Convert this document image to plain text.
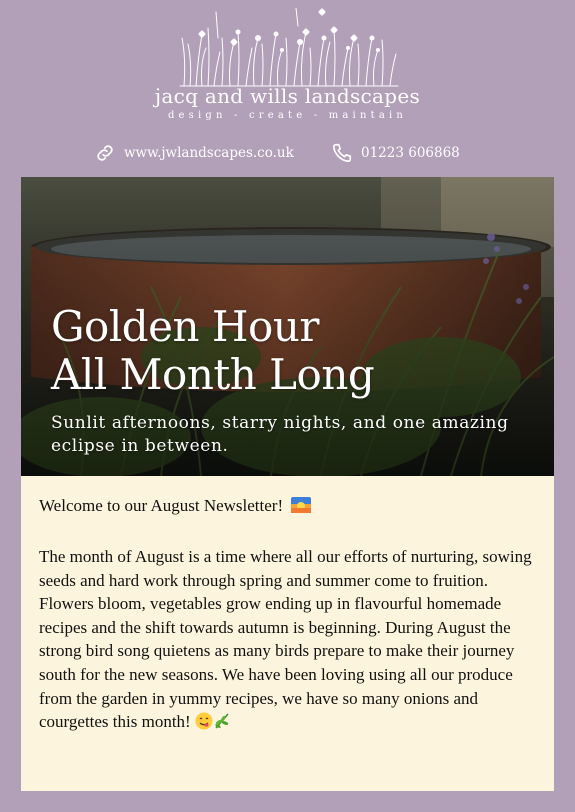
jacq and wills landscapes
design - create - maintain
www.jwlandscapes.co.uk	01223 606868
Golden Hour
All Month Long
Sunlit afternoons, starry nights, and one amazing eclipse in between.
Welcome to our August Newsletter!
The month of August is a time where all our efforts of nurturing, sowing seeds and hard work through spring and summer come to fruition. Flowers bloom, vegetables grow ending up in flavourful homemade recipes and the shift towards autumn is beginning. During August the strong bird song quietens as many birds prepare to make their journey south for the new seasons. We have been loving using all our produce from the garden in yummy recipes, we have so many onions and courgettes this month!
